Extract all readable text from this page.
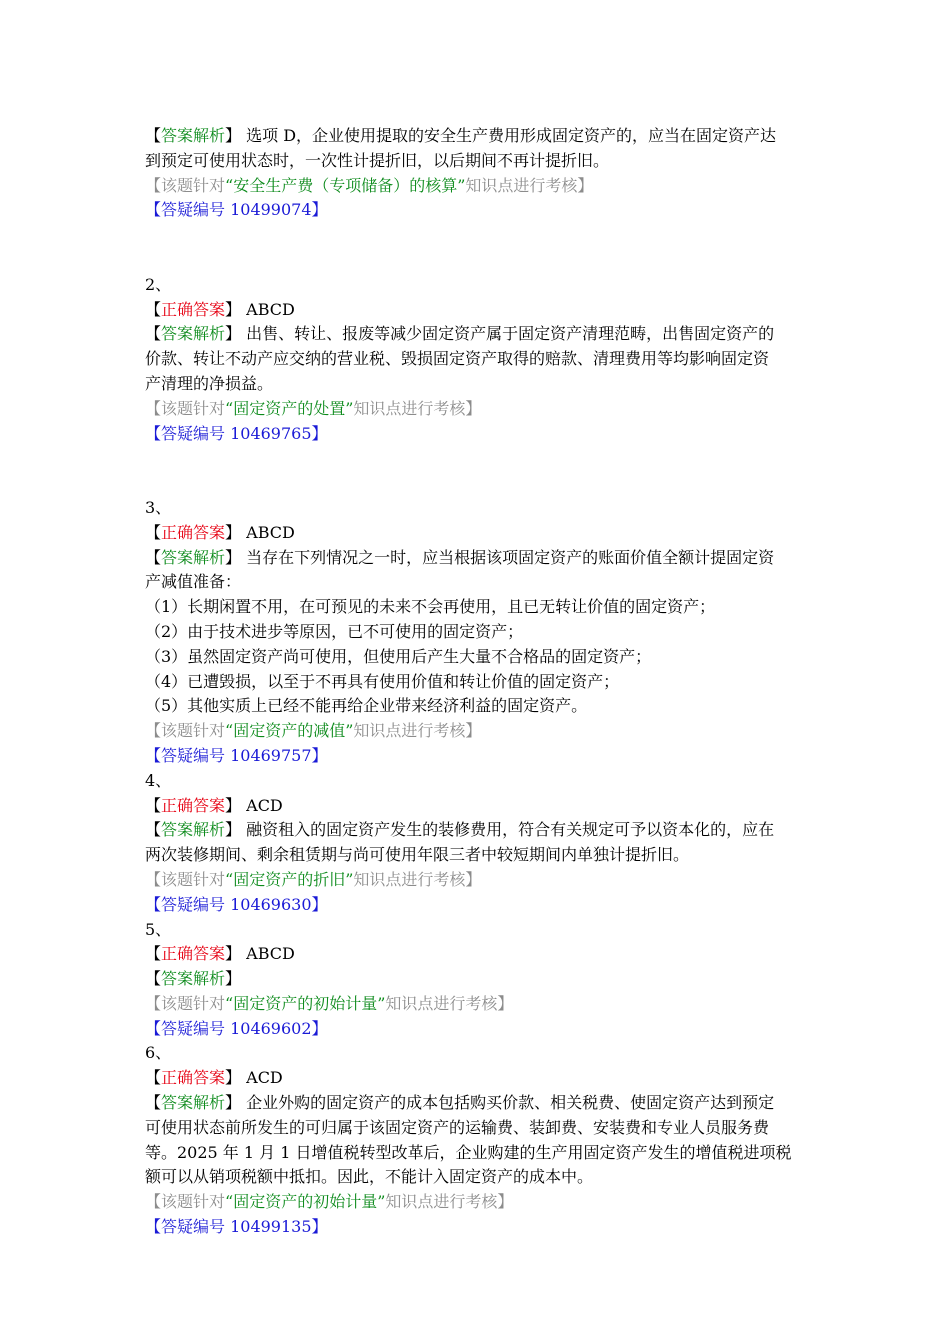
【答案解析】 选项 D，企业使用提取的安全生产费用形成固定资产的，应当在固定资产达
到预定可使用状态时，一次性计提折旧，以后期间不再计提折旧。
【该题针对“安全生产费（专项储备）的核算”知识点进行考核】
【答疑编号 10499074】
2、
【正确答案】 ABCD
【答案解析】 出售、转让、报废等减少固定资产属于固定资产清理范畴，出售固定资产的
价款、转让不动产应交纳的营业税、毁损固定资产取得的赔款、清理费用等均影响固定资
产清理的净损益。
【该题针对“固定资产的处置”知识点进行考核】
【答疑编号 10469765】
3、
【正确答案】 ABCD
【答案解析】 当存在下列情况之一时，应当根据该项固定资产的账面价值全额计提固定资
产减值准备：
（1）长期闲置不用，在可预见的未来不会再使用，且已无转让价值的固定资产；
（2）由于技术进步等原因，已不可使用的固定资产；
（3）虽然固定资产尚可使用，但使用后产生大量不合格品的固定资产；
（4）已遭毁损，以至于不再具有使用价值和转让价值的固定资产；
（5）其他实质上已经不能再给企业带来经济利益的固定资产。
【该题针对“固定资产的减值”知识点进行考核】
【答疑编号 10469757】
4、
【正确答案】 ACD
【答案解析】 融资租入的固定资产发生的装修费用，符合有关规定可予以资本化的，应在
两次装修期间、剩余租赁期与尚可使用年限三者中较短期间内单独计提折旧。
【该题针对“固定资产的折旧”知识点进行考核】
【答疑编号 10469630】
5、
【正确答案】 ABCD
【答案解析】
【该题针对“固定资产的初始计量”知识点进行考核】
【答疑编号 10469602】
6、
【正确答案】 ACD
【答案解析】 企业外购的固定资产的成本包括购买价款、相关税费、使固定资产达到预定
可使用状态前所发生的可归属于该固定资产的运输费、装卸费、安装费和专业人员服务费
等。2025 年 1 月 1 日增值税转型改革后，企业购建的生产用固定资产发生的增值税进项税
额可以从销项税额中抵扣。因此，不能计入固定资产的成本中。
【该题针对“固定资产的初始计量”知识点进行考核】
【答疑编号 10499135】
